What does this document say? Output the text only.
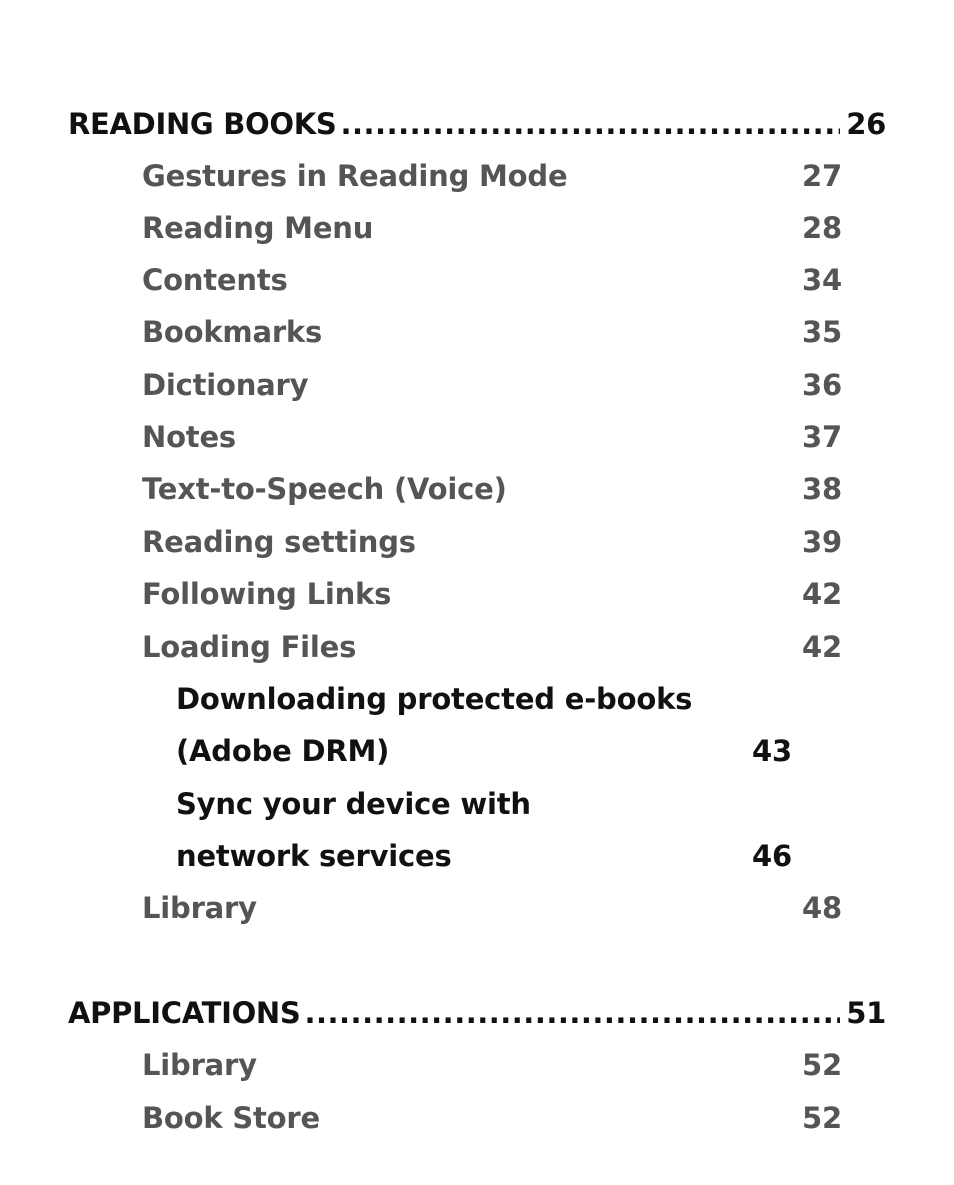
READING BOOKS .....	26
Gestures in Reading Mode	27
Reading Menu	28
Contents	34
Bookmarks	35
Dictionary	36
Notes	37
Text-to-Speech (Voice)	38
Reading settings	39
Following Links	42
Loading Files	42
Downloading protected e-books
(Adobe DRM)	43
Sync your device with
network services	46
Library	48
APPLICATIONS .....	51
Library	52
Book Store	52
